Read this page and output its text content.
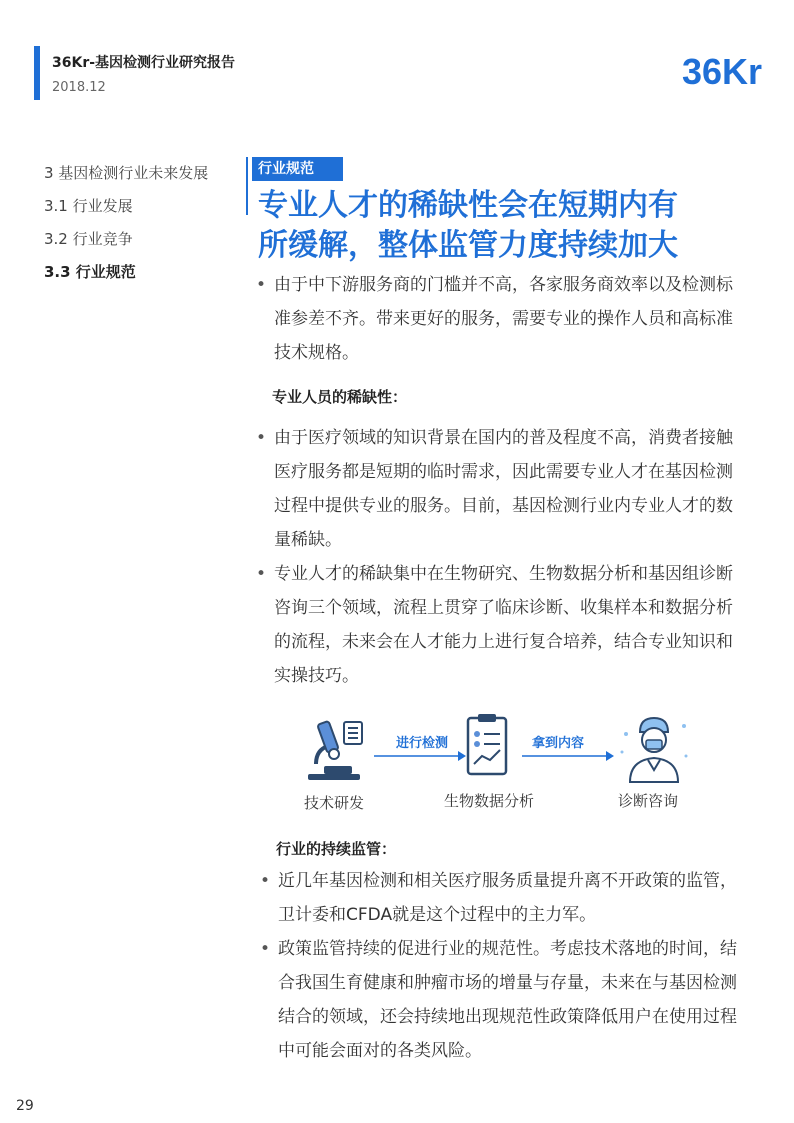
36Kr-基因检测行业研究报告
2018.12	36Kr
3 基因检测行业未来发展
3.1 行业发展
3.2 行业竞争
3.3 行业规范
行业规范
专业人才的稀缺性会在短期内有
所缓解，整体监管力度持续加大
• 由于中下游服务商的门槛并不高，各家服务商效率以及检测标准参差不齐。带来更好的服务，需要专业的操作人员和高标准技术规格。
专业人员的稀缺性：
• 由于医疗领域的知识背景在国内的普及程度不高，消费者接触医疗服务都是短期的临时需求，因此需要专业人才在基因检测过程中提供专业的服务。目前，基因检测行业内专业人才的数量稀缺。
• 专业人才的稀缺集中在生物研究、生物数据分析和基因组诊断咨询三个领域，流程上贯穿了临床诊断、收集样本和数据分析的流程，未来会在人才能力上进行复合培养，结合专业知识和实操技巧。
进行检测	拿到内容
技术研发	生物数据分析	诊断咨询
行业的持续监管：
• 近几年基因检测和相关医疗服务质量提升离不开政策的监管，卫计委和CFDA就是这个过程中的主力军。
• 政策监管持续的促进行业的规范性。考虑技术落地的时间，结合我国生育健康和肿瘤市场的增量与存量，未来在与基因检测结合的领域，还会持续地出现规范性政策降低用户在使用过程中可能会面对的各类风险。
29
